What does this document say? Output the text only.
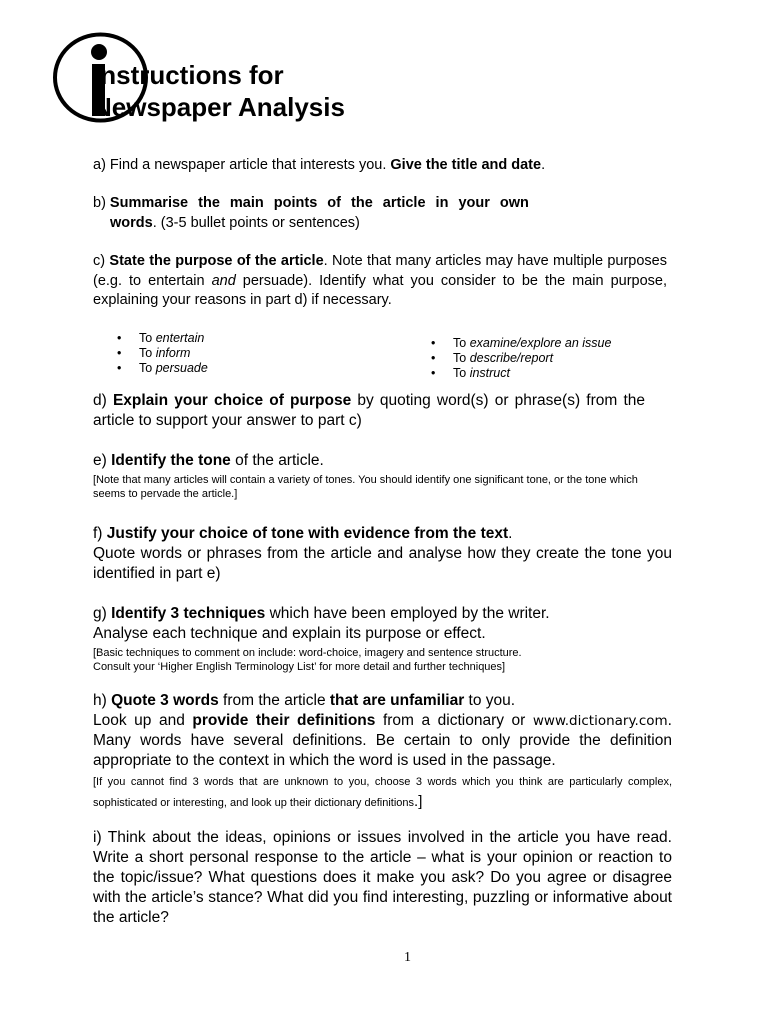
Instructions for
Newspaper Analysis

a) Find a newspaper article that interests you. Give the title and date.

b) Summarise the main points of the article in your own
words. (3-5 bullet points or sentences)

c) State the purpose of the article. Note that many articles may have multiple purposes (e.g. to entertain and persuade). Identify what you consider to be the main purpose, explaining your reasons in part d) if necessary.

• To entertain
• To inform
• To persuade
• To examine/explore an issue
• To describe/report
• To instruct

d) Explain your choice of purpose by quoting word(s) or phrase(s) from the article to support your answer to part c)

e) Identify the tone of the article.
[Note that many articles will contain a variety of tones. You should identify one significant tone, or the tone which seems to pervade the article.]

f) Justify your choice of tone with evidence from the text.
Quote words or phrases from the article and analyse how they create the tone you identified in part e)

g) Identify 3 techniques which have been employed by the writer.
Analyse each technique and explain its purpose or effect.
[Basic techniques to comment on include: word-choice, imagery and sentence structure.
Consult your ‘Higher English Terminology List’ for more detail and further techniques]

h) Quote 3 words from the article that are unfamiliar to you.
Look up and provide their definitions from a dictionary or www.dictionary.com. Many words have several definitions. Be certain to only provide the definition appropriate to the context in which the word is used in the passage.
[If you cannot find 3 words that are unknown to you, choose 3 words which you think are particularly complex, sophisticated or interesting, and look up their dictionary definitions.]

i) Think about the ideas, opinions or issues involved in the article you have read. Write a short personal response to the article – what is your opinion or reaction to the topic/issue? What questions does it make you ask? Do you agree or disagree with the article’s stance? What did you find interesting, puzzling or informative about the article?

1
